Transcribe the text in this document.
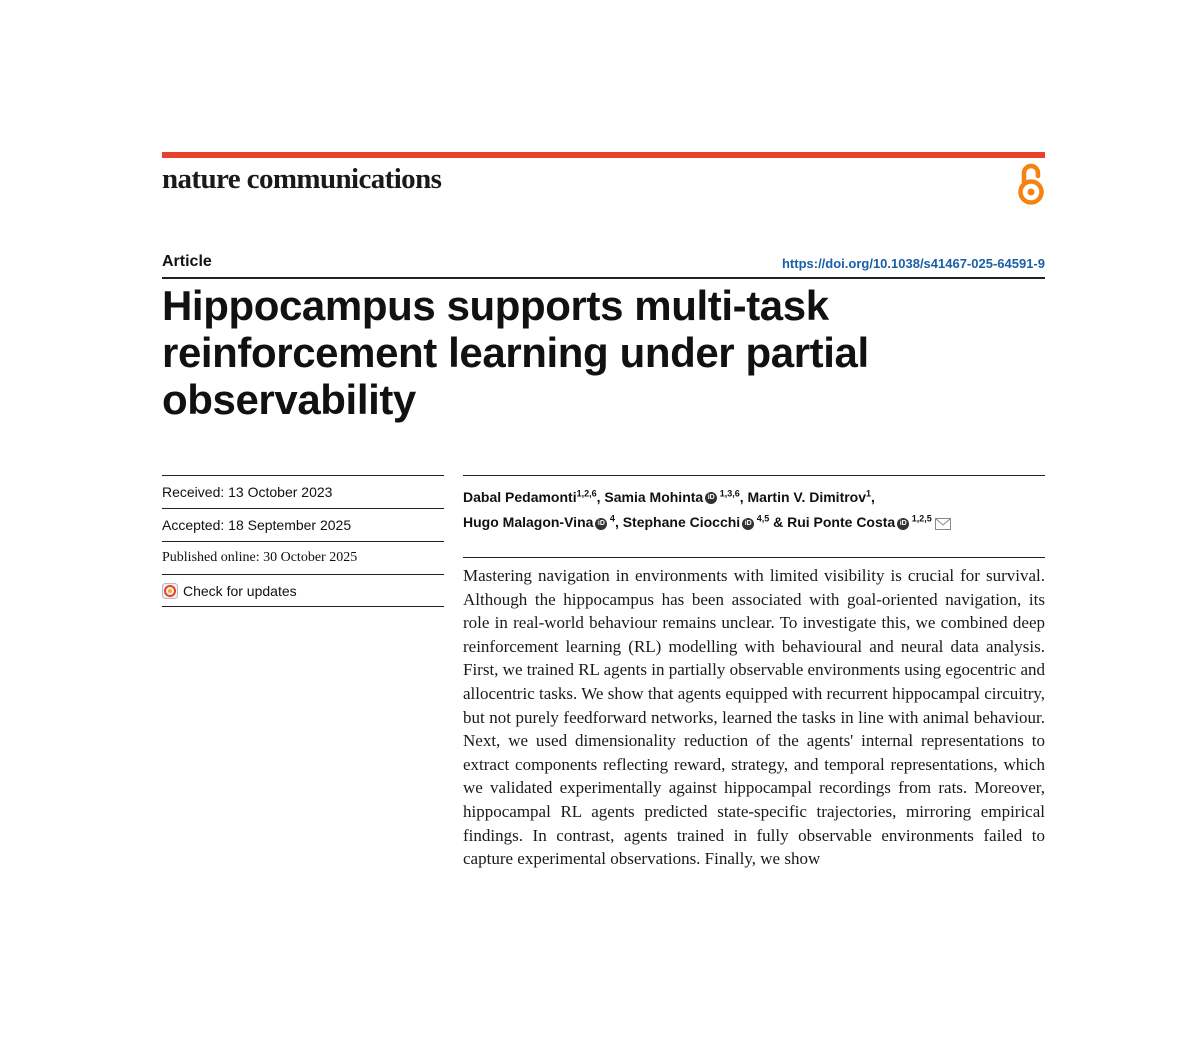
nature communications
Article	https://doi.org/10.1038/s41467-025-64591-9
Hippocampus supports multi-task reinforcement learning under partial observability
Received: 13 October 2023
Accepted: 18 September 2025
Published online: 30 October 2025
Check for updates
Dabal Pedamonti$^{1,2,6}$, Samia Mohinta iD $^{1,3,6}$, Martin V. Dimitrov$^1$,
Hugo Malagon-Vina iD $^4$, Stephane Ciocchi iD $^{4,5}$ & Rui Ponte Costa iD $^{1,2,5}$

Mastering navigation in environments with limited visibility is crucial for survival. Although the hippocampus has been associated with goal-oriented navigation, its role in real-world behaviour remains unclear. To investigate this, we combined deep reinforcement learning (RL) modelling with behavioural and neural data analysis. First, we trained RL agents in partially observable environments using egocentric and allocentric tasks. We show that agents equipped with recurrent hippocampal circuitry, but not purely feedforward networks, learned the tasks in line with animal behaviour. Next, we used dimensionality reduction of the agents' internal representations to extract components reflecting reward, strategy, and temporal representations, which we validated experimentally against hippocampal recordings from rats. Moreover, hippocampal RL agents predicted state-specific trajectories, mirroring empirical findings. In contrast, agents trained in fully observable environments failed to capture experimental observations. Finally, we show
